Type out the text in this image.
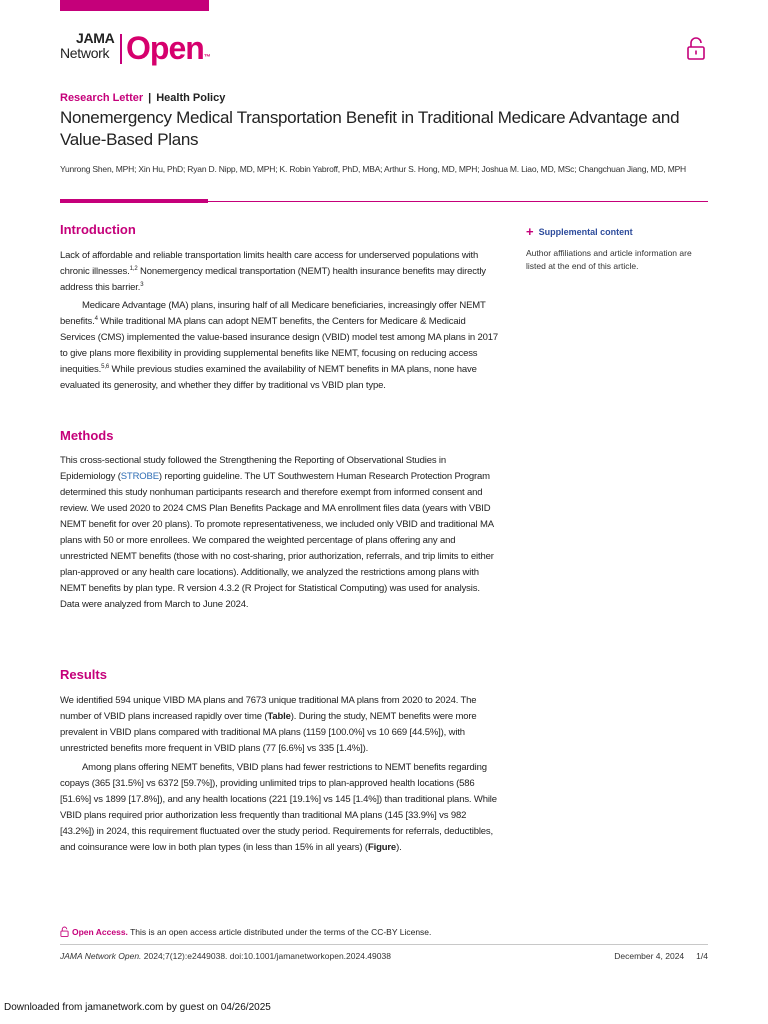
JAMA
Network Open™
Research Letter | Health Policy
Nonemergency Medical Transportation Benefit in Traditional Medicare Advantage and Value-Based Plans
Yunrong Shen, MPH; Xin Hu, PhD; Ryan D. Nipp, MD, MPH; K. Robin Yabroff, PhD, MBA; Arthur S. Hong, MD, MPH; Joshua M. Liao, MD, MSc; Changchuan Jiang, MD, MPH
+ Supplemental content

Author affiliations and article information are listed at the end of this article.

Introduction

Lack of affordable and reliable transportation limits health care access for underserved populations with chronic illnesses.$^{1,2}$ Nonemergency medical transportation (NEMT) health insurance benefits may directly address this barrier.$^3$

Medicare Advantage (MA) plans, insuring half of all Medicare beneficiaries, increasingly offer NEMT benefits.$^4$ While traditional MA plans can adopt NEMT benefits, the Centers for Medicare & Medicaid Services (CMS) implemented the value-based insurance design (VBID) model test among MA plans in 2017 to give plans more flexibility in providing supplemental benefits like NEMT, focusing on reducing access inequities.$^{5,6}$ While previous studies examined the availability of NEMT benefits in MA plans, none have evaluated its generosity, and whether they differ by traditional vs VBID plan type.

Methods

This cross-sectional study followed the Strengthening the Reporting of Observational Studies in Epidemiology (STROBE) reporting guideline. The UT Southwestern Human Research Protection Program determined this study nonhuman participants research and therefore exempt from informed consent and review. We used 2020 to 2024 CMS Plan Benefits Package and MA enrollment files data (years with VBID NEMT benefit for over 20 plans). To promote representativeness, we included only VBID and traditional MA plans with 50 or more enrollees. We compared the weighted percentage of plans offering any and unrestricted NEMT benefits (those with no cost-sharing, prior authorization, referrals, and trip limits to either plan-approved or any health care locations). Additionally, we analyzed the restrictions among plans with NEMT benefits by plan type. R version 4.3.2 (R Project for Statistical Computing) was used for analysis. Data were analyzed from March to June 2024.

Results

We identified 594 unique VIBD MA plans and 7673 unique traditional MA plans from 2020 to 2024. The number of VBID plans increased rapidly over time (Table). During the study, NEMT benefits were more prevalent in VBID plans compared with traditional MA plans (1159 [100.0%] vs 10 669 [44.5%]), with unrestricted benefits more frequent in VBID plans (77 [6.6%] vs 335 [1.4%]).

Among plans offering NEMT benefits, VBID plans had fewer restrictions to NEMT benefits regarding copays (365 [31.5%] vs 6372 [59.7%]), providing unlimited trips to plan-approved health locations (586 [51.6%] vs 1899 [17.8%]), and any health locations (221 [19.1%] vs 145 [1.4%]) than traditional plans. While VBID plans required prior authorization less frequently than traditional MA plans (145 [33.9%] vs 982 [43.2%]) in 2024, this requirement fluctuated over the study period. Requirements for referrals, deductibles, and coinsurance were low in both plan types (in less than 15% in all years) (Figure).

Open Access. This is an open access article distributed under the terms of the CC-BY License.
JAMA Network Open. 2024;7(12):e2449038. doi:10.1001/jamanetworkopen.2024.49038	December 4, 2024 1/4
Downloaded from jamanetwork.com by guest on 04/26/2025
